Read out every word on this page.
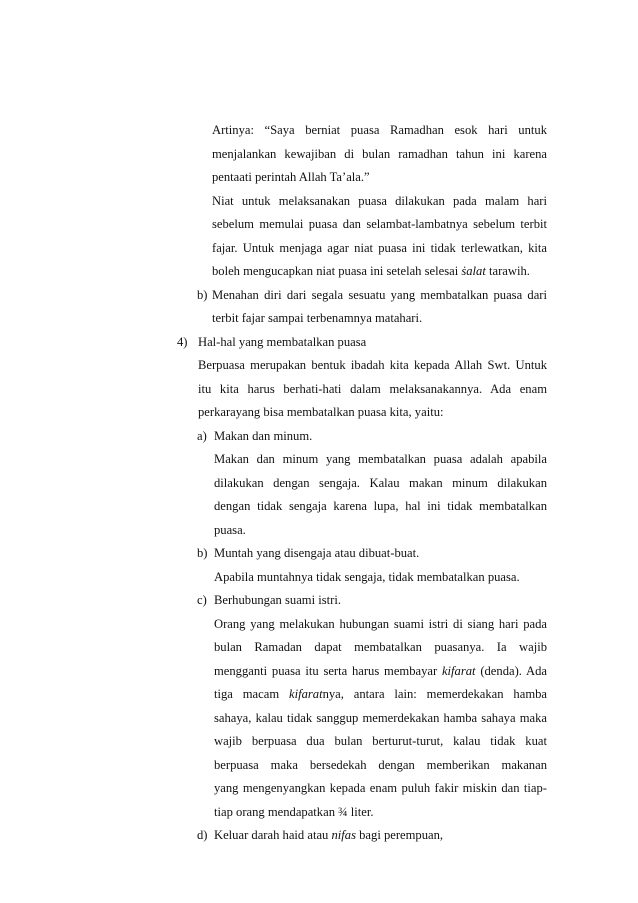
Artinya: “Saya berniat puasa Ramadhan esok hari untuk
menjalankan kewajiban di bulan ramadhan tahun ini karena
pentaati perintah Allah Ta’ala.”
Niat untuk melaksanakan puasa dilakukan pada malam hari
sebelum memulai puasa dan selambat-lambatnya sebelum terbit
fajar. Untuk menjaga agar niat puasa ini tidak terlewatkan, kita
boleh mengucapkan niat puasa ini setelah selesai ṡalat tarawih.
b) Menahan diri dari segala sesuatu yang membatalkan puasa dari
terbit fajar sampai terbenamnya matahari.
4) Hal-hal yang membatalkan puasa
Berpuasa merupakan bentuk ibadah kita kepada Allah Swt. Untuk
itu kita harus berhati-hati dalam melaksanakannya. Ada enam
perkarayang bisa membatalkan puasa kita, yaitu:
a) Makan dan minum.
Makan dan minum yang membatalkan puasa adalah apabila
dilakukan dengan sengaja. Kalau makan minum dilakukan
dengan tidak sengaja karena lupa, hal ini tidak membatalkan
puasa.
b) Muntah yang disengaja atau dibuat-buat.
Apabila muntahnya tidak sengaja, tidak membatalkan puasa.
c) Berhubungan suami istri.
Orang yang melakukan hubungan suami istri di siang hari pada
bulan Ramadan dapat membatalkan puasanya. Ia wajib
mengganti puasa itu serta harus membayar kifarat (denda). Ada
tiga macam kifaratnya, antara lain: memerdekakan hamba
sahaya, kalau tidak sanggup memerdekakan hamba sahaya maka
wajib berpuasa dua bulan berturut-turut, kalau tidak kuat
berpuasa maka bersedekah dengan memberikan makanan
yang mengenyangkan kepada enam puluh fakir miskin dan tiap-
tiap orang mendapatkan ¾ liter.
d) Keluar darah haid atau nifas bagi perempuan,
